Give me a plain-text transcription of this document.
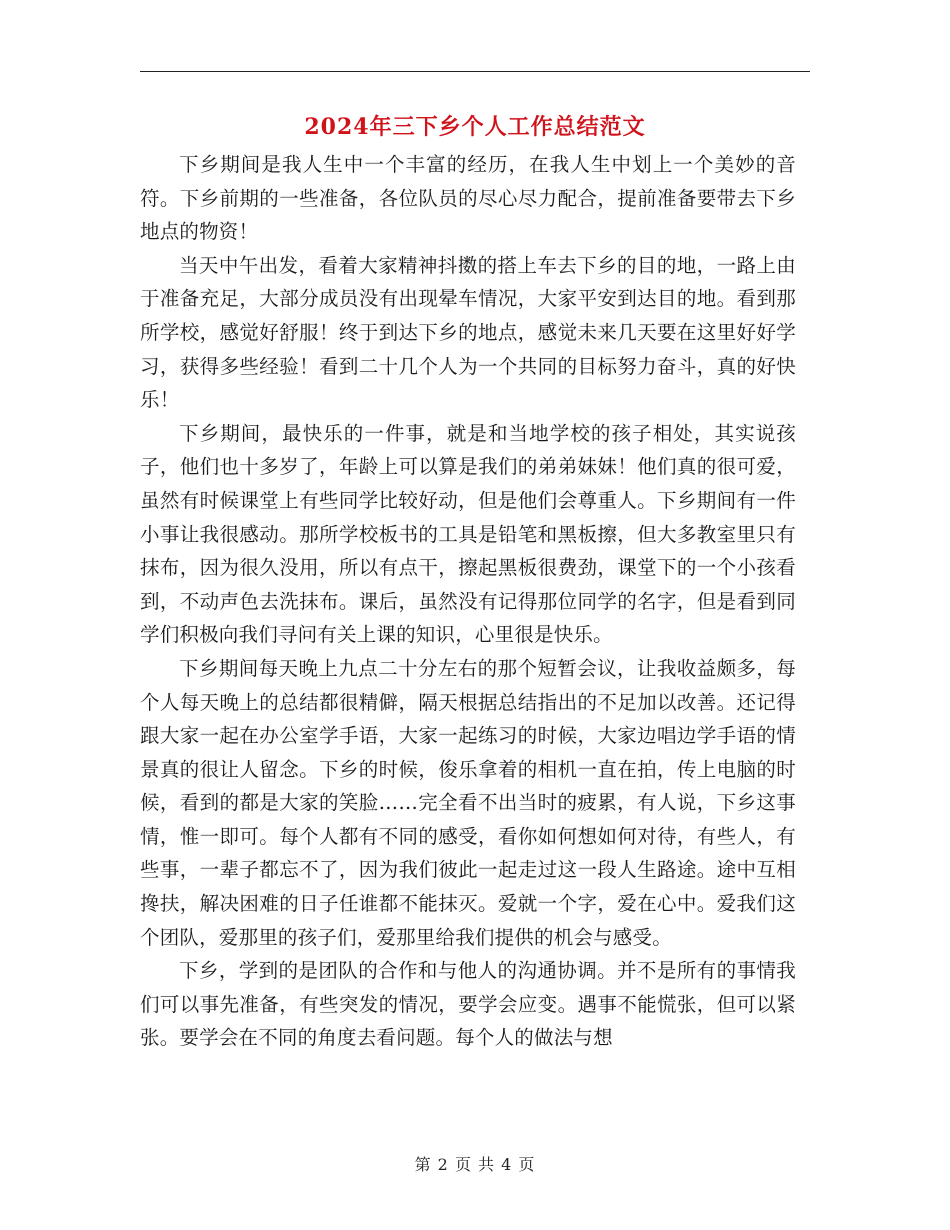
2024年三下乡个人工作总结范文

下乡期间是我人生中一个丰富的经历，在我人生中划上一个美妙的音符。下乡前期的一些准备，各位队员的尽心尽力配合，提前准备要带去下乡地点的物资！

当天中午出发，看着大家精神抖擞的搭上车去下乡的目的地，一路上由于准备充足，大部分成员没有出现晕车情况，大家平安到达目的地。看到那所学校，感觉好舒服！终于到达下乡的地点，感觉未来几天要在这里好好学习，获得多些经验！看到二十几个人为一个共同的目标努力奋斗，真的好快乐！

下乡期间，最快乐的一件事，就是和当地学校的孩子相处，其实说孩子，他们也十多岁了，年龄上可以算是我们的弟弟妹妹！他们真的很可爱，虽然有时候课堂上有些同学比较好动，但是他们会尊重人。下乡期间有一件小事让我很感动。那所学校板书的工具是铅笔和黑板擦，但大多教室里只有抹布，因为很久没用，所以有点干，擦起黑板很费劲，课堂下的一个小孩看到，不动声色去洗抹布。课后，虽然没有记得那位同学的名字，但是看到同学们积极向我们寻问有关上课的知识，心里很是快乐。

下乡期间每天晚上九点二十分左右的那个短暂会议，让我收益颇多，每个人每天晚上的总结都很精僻，隔天根据总结指出的不足加以改善。还记得跟大家一起在办公室学手语，大家一起练习的时候，大家边唱边学手语的情景真的很让人留念。下乡的时候，俊乐拿着的相机一直在拍，传上电脑的时候，看到的都是大家的笑脸……完全看不出当时的疲累，有人说，下乡这事情，惟一即可。每个人都有不同的感受，看你如何想如何对待，有些人，有些事，一辈子都忘不了，因为我们彼此一起走过这一段人生路途。途中互相搀扶，解决困难的日子任谁都不能抹灭。爱就一个字，爱在心中。爱我们这个团队，爱那里的孩子们，爱那里给我们提供的机会与感受。

下乡，学到的是团队的合作和与他人的沟通协调。并不是所有的事情我们可以事先准备，有些突发的情况，要学会应变。遇事不能慌张，但可以紧张。要学会在不同的角度去看问题。每个人的做法与想

第 2 页 共 4 页
